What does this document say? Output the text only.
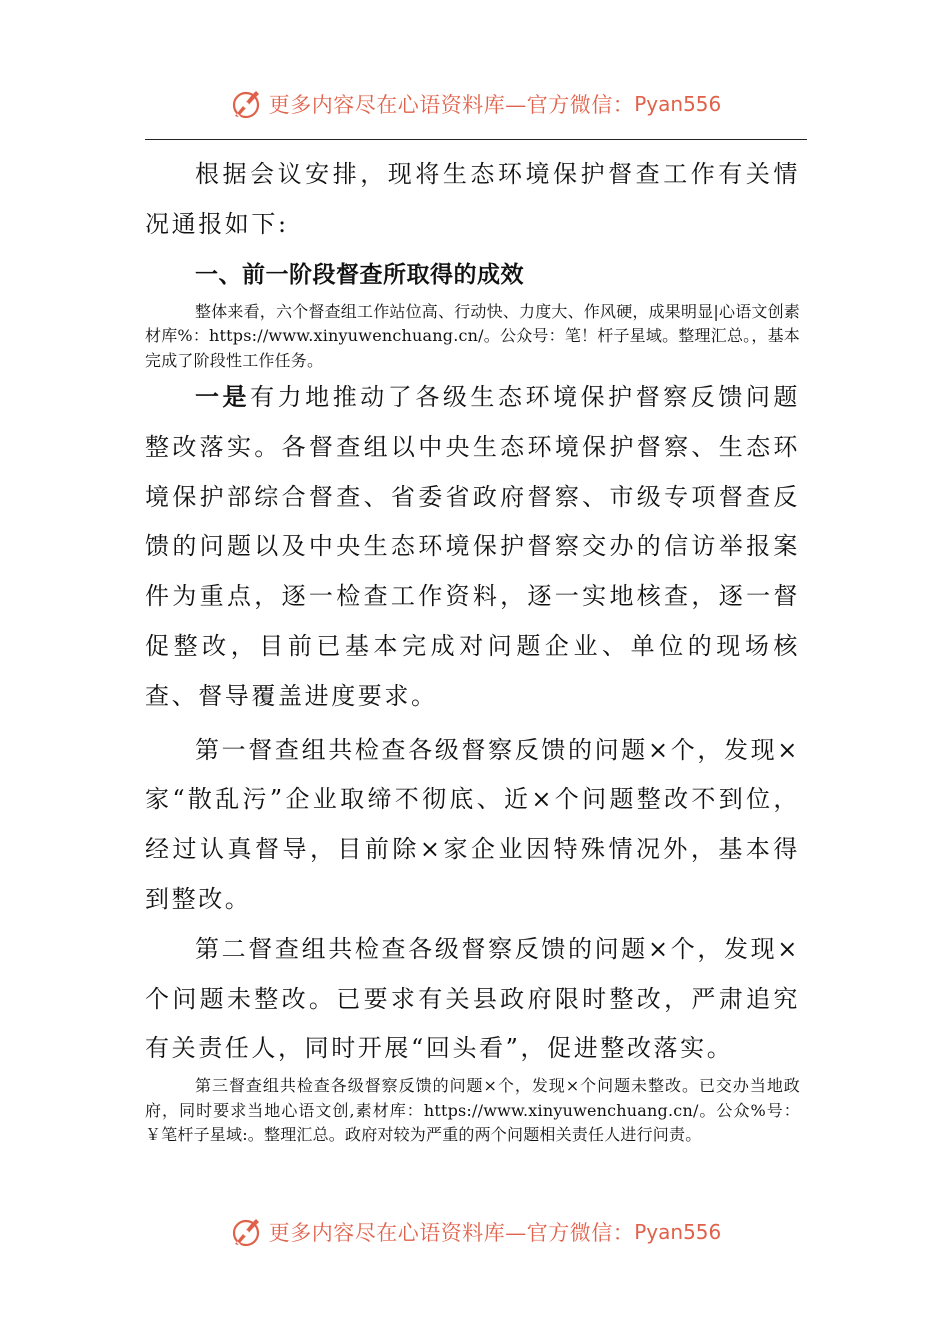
更多内容尽在心语资料库—官方微信： Pyan556

根据会议安排，现将生态环境保护督查工作有关情况通报如下:

一、前一阶段督查所取得的成效

整体来看，六个督查组工作站位高、行动快、力度大、作风硬，成果明显|心语文创素材库%：https://www.xinyuwenchuang.cn/。公众号：笔！杆子星域。整理汇总。，基本完成了阶段性工作任务。

一是有力地推动了各级生态环境保护督察反馈问题整改落实。各督查组以中央生态环境保护督察、生态环境保护部综合督查、省委省政府督察、市级专项督查反馈的问题以及中央生态环境保护督察交办的信访举报案件为重点，逐一检查工作资料，逐一实地核查，逐一督促整改，目前已基本完成对问题企业、单位的现场核查、督导覆盖进度要求。

第一督查组共检查各级督察反馈的问题×个，发现×家“散乱污”企业取缔不彻底、近×个问题整改不到位，经过认真督导，目前除×家企业因特殊情况外，基本得到整改。

第二督查组共检查各级督察反馈的问题×个，发现×个问题未整改。已要求有关县政府限时整改，严肃追究有关责任人，同时开展“回头看”，促进整改落实。

第三督查组共检查各级督察反馈的问题×个，发现×个问题未整改。已交办当地政府，同时要求当地心语文创,素材库：https://www.xinyuwenchuang.cn/。公众%号：￥笔杆子星域:。整理汇总。政府对较为严重的两个问题相关责任人进行问责。

更多内容尽在心语资料库—官方微信： Pyan556
